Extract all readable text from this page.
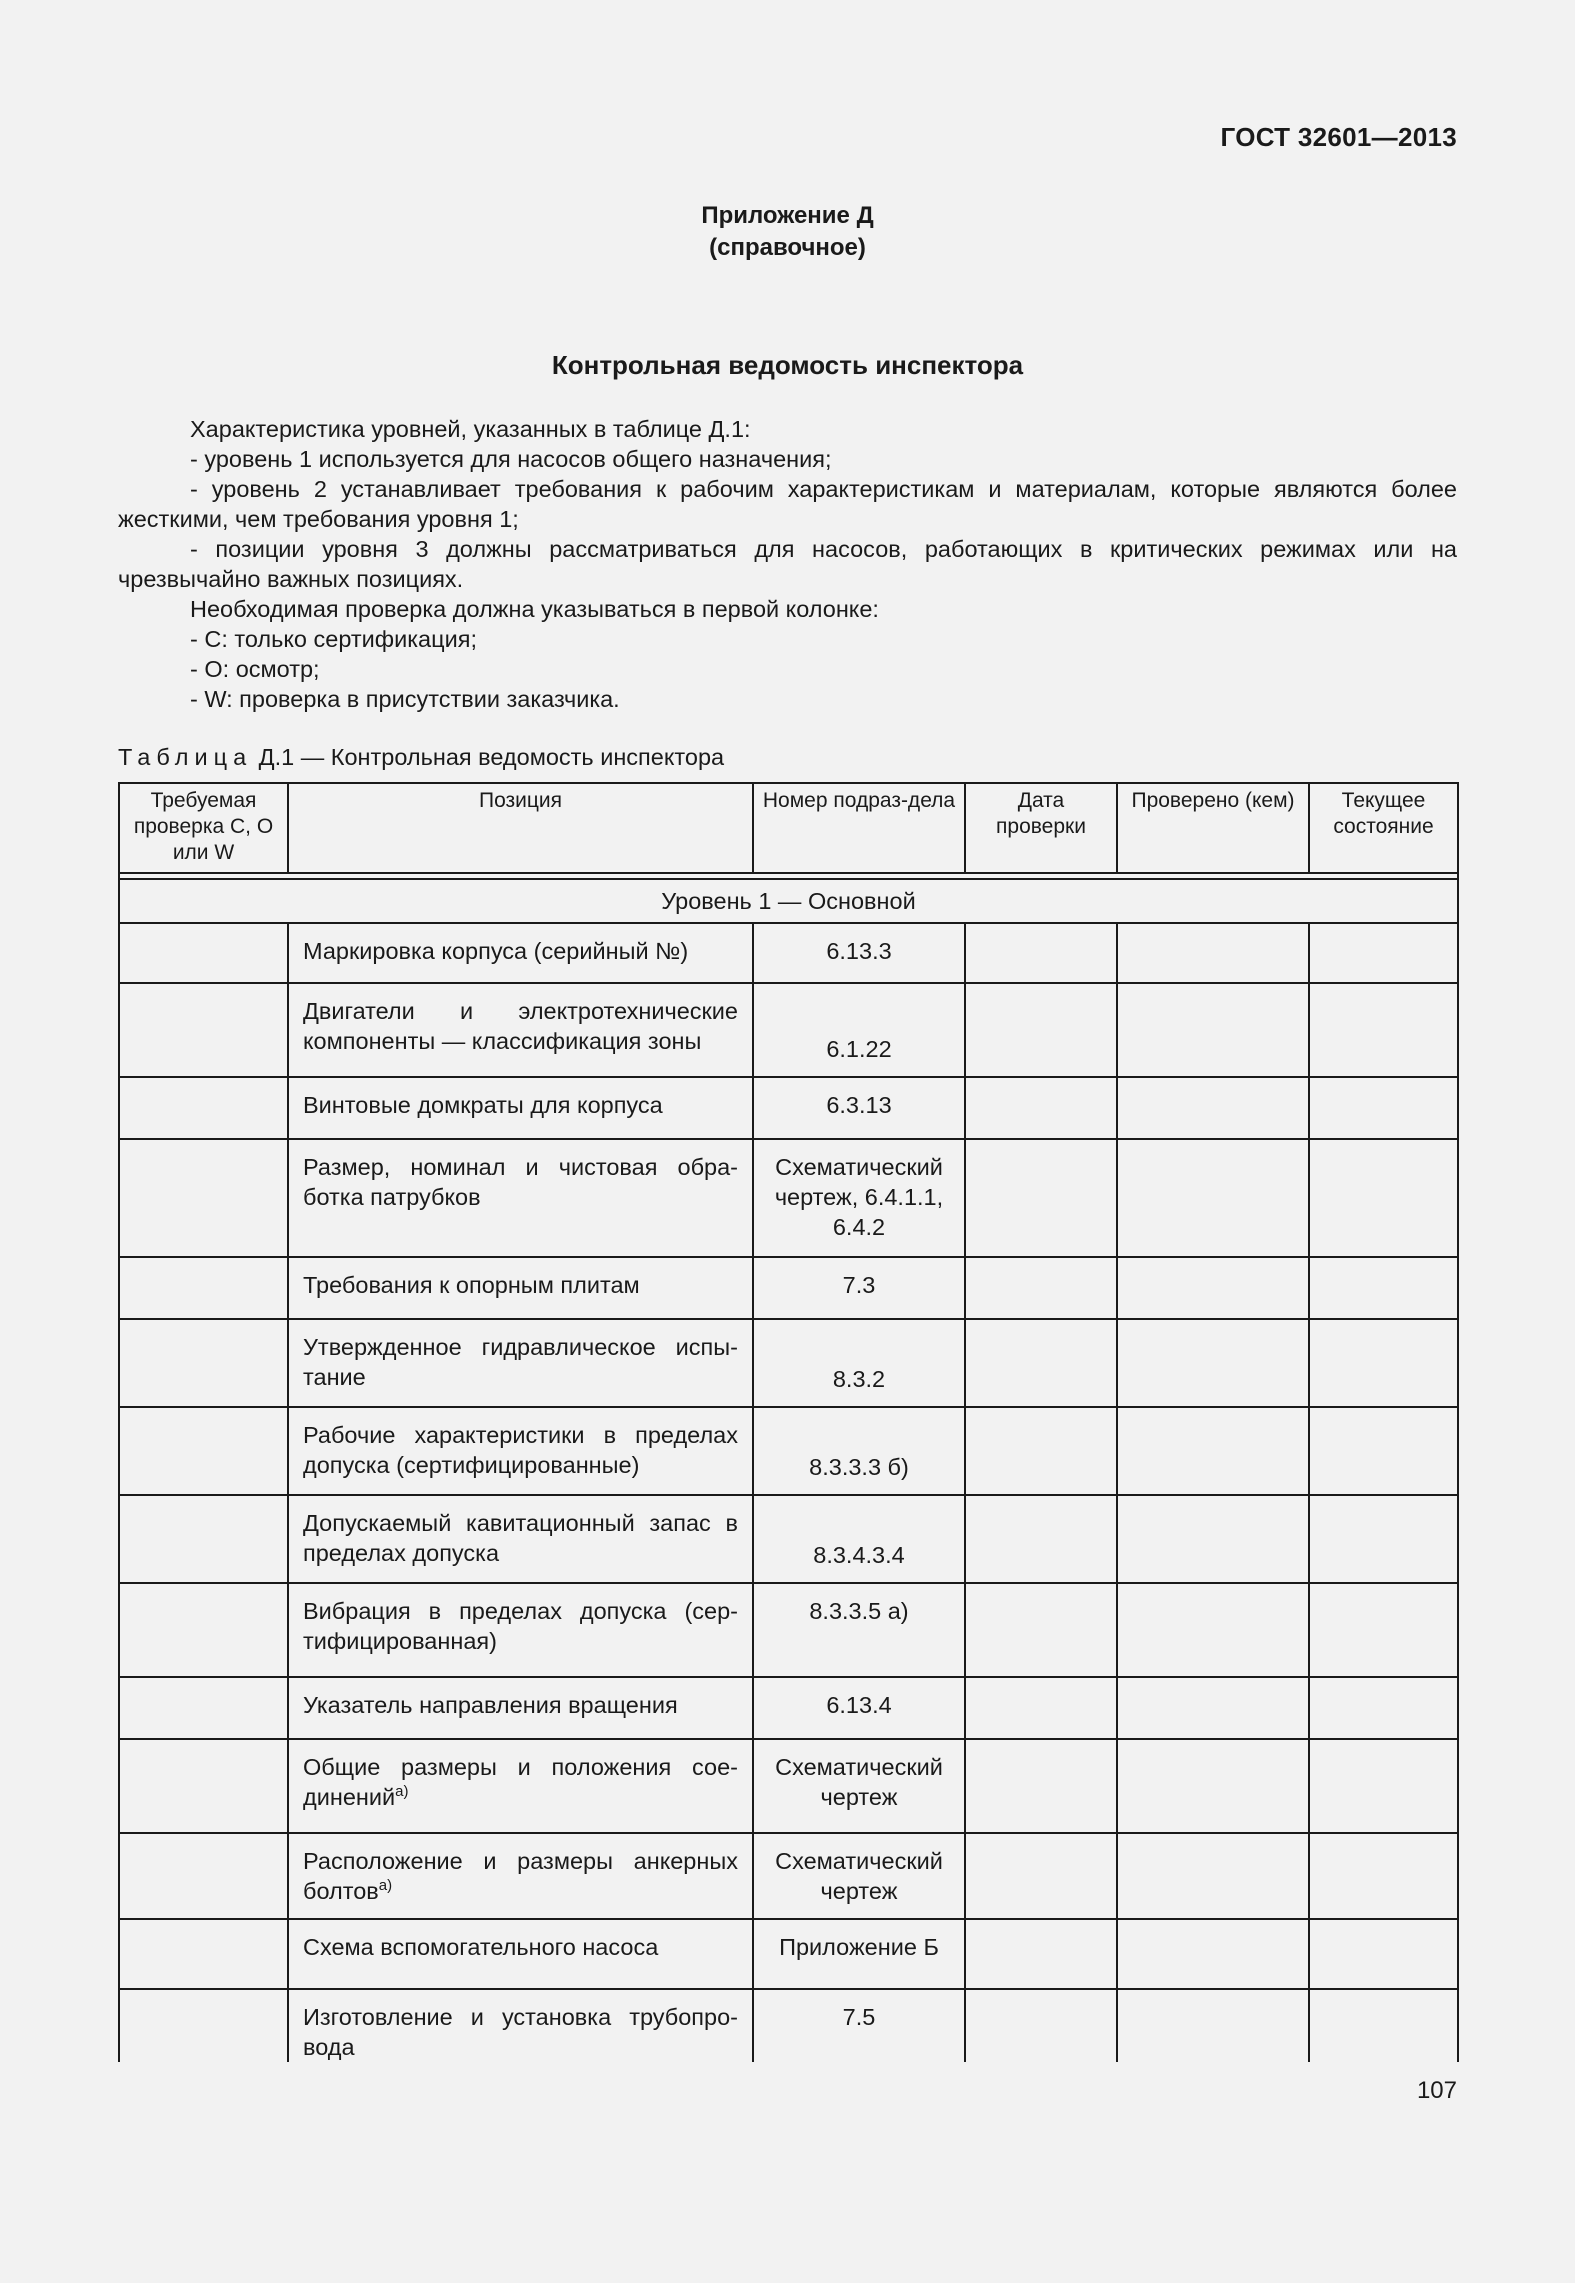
ГОСТ 32601—2013
Приложение Д
(справочное)
Контрольная ведомость инспектора

Характеристика уровней, указанных в таблице Д.1:

- уровень 1 используется для насосов общего назначения;

- уровень 2 устанавливает требования к рабочим характеристикам и материалам, которые являются более жесткими, чем требования уровня 1;

- позиции уровня 3 должны рассматриваться для насосов, работающих в критических режимах или на чрезвычайно важных позициях.

Необходимая проверка должна указываться в первой колонке:

- С: только сертификация;

- О: осмотр;

- W: проверка в присутствии заказчика.

Таблица Д.1 — Контрольная ведомость инспектора
Требуемая проверка С, О или W	Позиция	Номер подраз-дела	Дата проверки	Проверено (кем)	Текущее состояние

Уровень 1 — Основной					
	Маркировка корпуса (серийный №)	6.13.3			
	Двигатели и электротехнические компоненты — классификация зоны	6.1.22			
	Винтовые домкраты для корпуса	6.3.13			
	Размер, номинал и чистовая обра-ботка патрубков	Схематический чертеж, 6.4.1.1, 6.4.2			
	Требования к опорным плитам	7.3			
	Утвержденное гидравлическое испы-тание	8.3.2			
	Рабочие характеристики в пределах допуска (сертифицированные)	8.3.3.3 б)			
	Допускаемый кавитационный запас в пределах допуска	8.3.4.3.4			
	Вибрация в пределах допуска (сер-тифицированная)	8.3.3.5 а)			
	Указатель направления вращения	6.13.4			
	Общие размеры и положения сое-динений$^{а)}$	Схематический чертеж			
	Расположение и размеры анкерных болтов$^{а)}$	Схематический чертеж			
	Схема вспомогательного насоса	Приложение Б			
	Изготовление и установка трубопро-вода	7.5			
107
